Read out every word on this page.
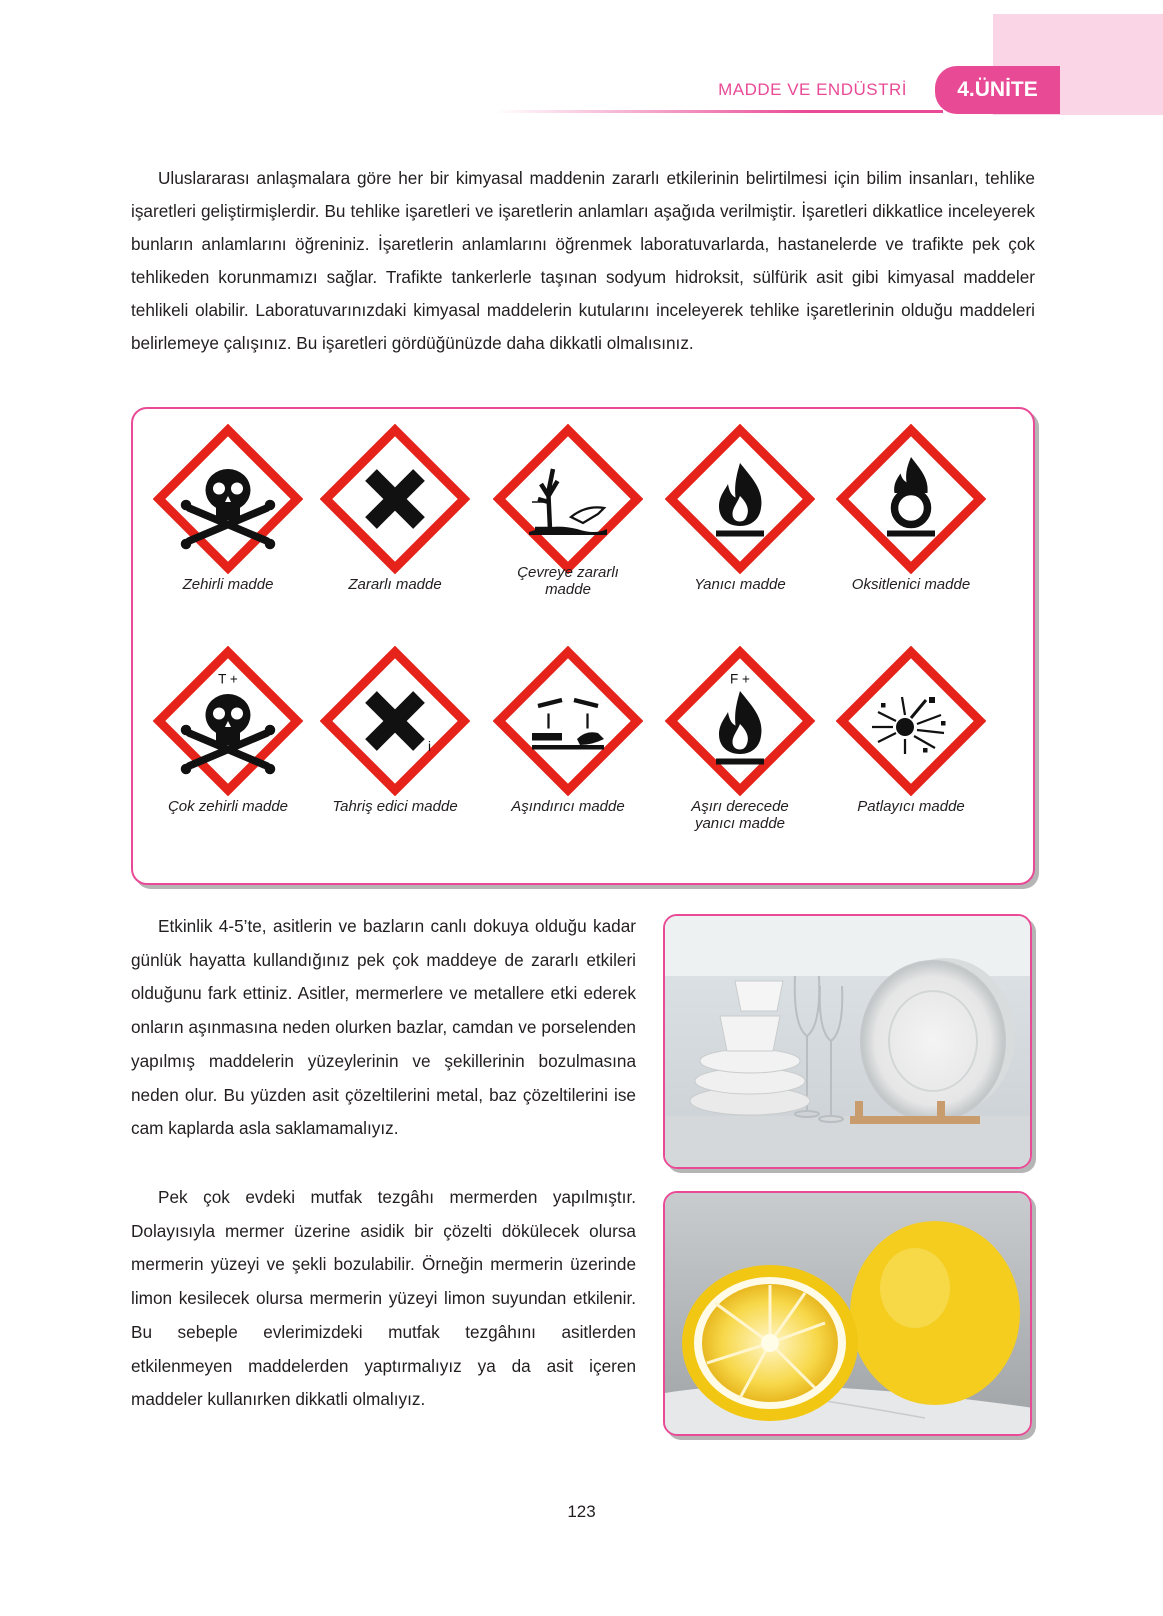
MADDE VE ENDÜSTRİ	4.ÜNİTE

Uluslararası anlaşmalara göre her bir kimyasal maddenin zararlı etkilerinin belirtilmesi için bilim insanları, tehlike işaretleri geliştirmişlerdir. Bu tehlike işaretleri ve işaretlerin anlamları aşağıda verilmiştir. İşaretleri dikkatlice inceleyerek bunların anlamlarını öğreniniz. İşaretlerin anlamlarını öğrenmek laboratuvarlarda, hastanelerde ve trafikte pek çok tehlikeden korunmamızı sağlar. Trafikte tankerlerle taşınan sodyum hidroksit, sülfürik asit gibi kimyasal maddeler tehlikeli olabilir. Laboratuvarınızdaki kimyasal maddelerin kutularını inceleyerek tehlike işaretlerinin olduğu maddeleri belirlemeye çalışınız. Bu işaretleri gördüğünüzde daha dikkatli olmalısınız.

Zehirli madde	Zararlı madde
Çevreye zararlı madde	Yanıcı madde	Oksitlenici madde
T +
Çok zehirli madde
i
Tahriş edici madde	Aşındırıcı madde
F +
Aşırı derecede yanıcı madde
Patlayıcı madde

Etkinlik 4-5’te, asitlerin ve bazların canlı dokuya olduğu kadar günlük hayatta kullandığınız pek çok maddeye de zararlı etkileri olduğunu fark ettiniz. Asitler, mermerlere ve metallere etki ederek onların aşınmasına neden olurken bazlar, camdan ve porselenden yapılmış maddelerin yüzeylerinin ve şekillerinin bozulmasına neden olur. Bu yüzden asit çözeltilerini metal, baz çözeltilerini ise cam kaplarda asla saklamamalıyız.

Pek çok evdeki mutfak tezgâhı mermerden yapılmıştır. Dolayısıyla mermer üzerine asidik bir çözelti dökülecek olursa mermerin yüzeyi ve şekli bozulabilir. Örneğin mermerin üzerinde limon kesilecek olursa mermerin yüzeyi limon suyundan etkilenir. Bu sebeple evlerimizdeki mutfak tezgâhını asitlerden etkilenmeyen maddelerden yaptırmalıyız ya da asit içeren maddeler kullanırken dikkatli olmalıyız.

123
